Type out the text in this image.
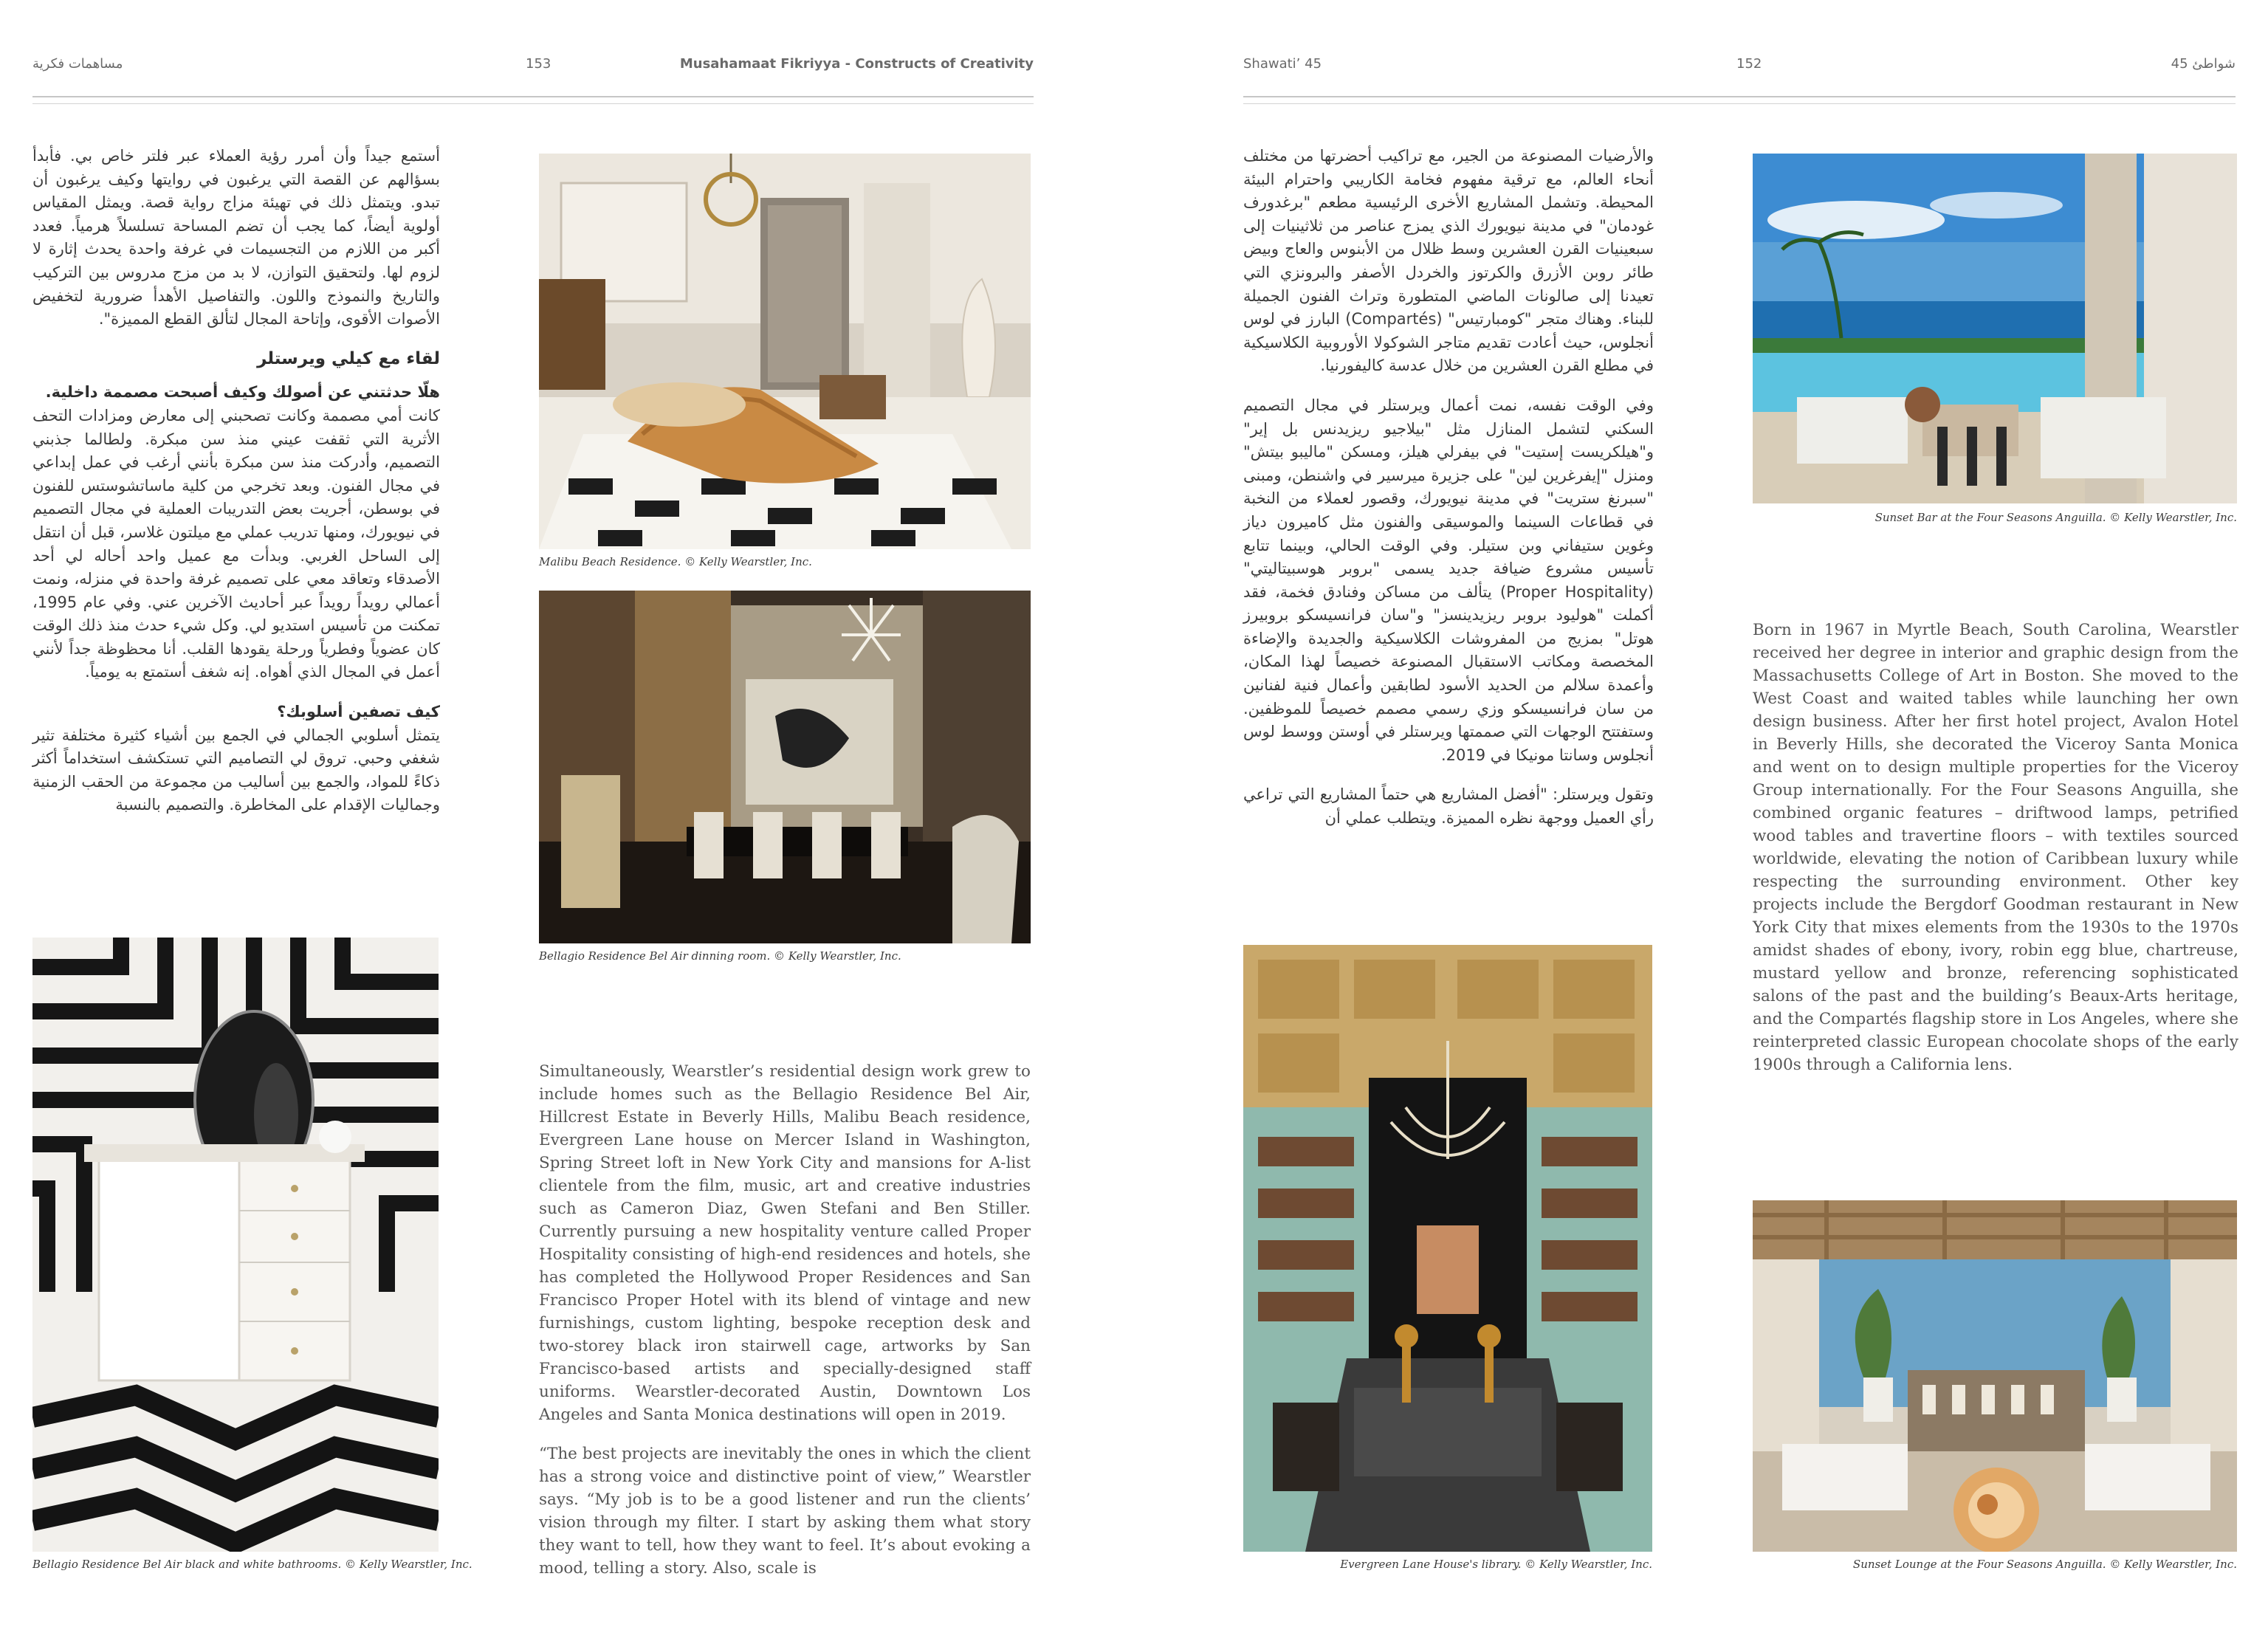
مساهمات فكرية	153	Musahamaat Fikriyya - Constructs of Creativity

أستمع جيداً وأن أمرر رؤية العملاء عبر فلتر خاص بي. فأبدأ بسؤالهم عن القصة التي يرغبون في روايتها وكيف يرغبون أن تبدو. ويتمثل ذلك في تهيئة مزاج رواية قصة. ويمثل المقياس أولوية أيضاً، كما يجب أن تضم المساحة تسلسلاً هرمياً. فعدد أكبر من اللازم من التجسيمات في غرفة واحدة يحدث إثارة لا لزوم لها. ولتحقيق التوازن، لا بد من مزج مدروس بين التركيب والتاريخ والنموذج واللون. والتفاصيل الأهدأ ضرورية لتخفيض الأصوات الأقوى، وإتاحة المجال لتألق القطع المميزة".

لقاء مع كيلي ويرستلر

هلّا حدثتني عن أصولك وكيف أصبحت مصممة داخلية.
كانت أمي مصممة وكانت تصحبني إلى معارض ومزادات التحف الأثرية التي ثقفت عيني منذ سن مبكرة. ولطالما جذبني التصميم، وأدركت منذ سن مبكرة بأنني أرغب في عمل إبداعي في مجال الفنون. وبعد تخرجي من كلية ماساتشوستس للفنون في بوسطن، أجريت بعض التدريبات العملية في مجال التصميم في نيويورك، ومنها تدريب عملي مع ميلتون غلاسر، قبل أن انتقل إلى الساحل الغربي. وبدأت مع عميل واحد أحاله لي أحد الأصدقاء وتعاقد معي على تصميم غرفة واحدة في منزله، ونمت أعمالي رويداً رويداً عبر أحاديث الآخرين عني. وفي عام 1995، تمكنت من تأسيس استديو لي. وكل شيء حدث منذ ذلك الوقت كان عضوياً وفطرياً ورحلة يقودها القلب. أنا محظوظة جداً لأنني أعمل في المجال الذي أهواه. إنه شغف أستمتع به يومياً.

كيف تصفين أسلوبك؟
يتمثل أسلوبي الجمالي في الجمع بين أشياء كثيرة مختلفة تثير شغفي وحبي. تروق لي التصاميم التي تستكشف استخداماً أكثر ذكاءً للمواد، والجمع بين أساليب من مجموعة من الحقب الزمنية وجماليات الإقدام على المخاطرة. والتصميم بالنسبة

Malibu Beach Residence. © Kelly Wearstler, Inc.
Bellagio Residence Bel Air dinning room. © Kelly Wearstler, Inc.
Bellagio Residence Bel Air black and white bathrooms. © Kelly Wearstler, Inc.

Simultaneously, Wearstler’s residential design work grew to include homes such as the Bellagio Residence Bel Air, Hillcrest Estate in Beverly Hills, Malibu Beach residence, Evergreen Lane house on Mercer Island in Washington, Spring Street loft in New York City and mansions for A-list clientele from the film, music, art and creative industries such as Cameron Diaz, Gwen Stefani and Ben Stiller. Currently pursuing a new hospitality venture called Proper Hospitality consisting of high-end residences and hotels, she has completed the Hollywood Proper Residences and San Francisco Proper Hotel with its blend of vintage and new furnishings, custom lighting, bespoke reception desk and two-storey black iron stairwell cage, artworks by San Francisco-based artists and specially-designed staff uniforms. Wearstler-decorated Austin, Downtown Los Angeles and Santa Monica destinations will open in 2019.

“The best projects are inevitably the ones in which the client has a strong voice and distinctive point of view,” Wearstler says. “My job is to be a good listener and run the clients’ vision through my filter. I start by asking them what story they want to tell, how they want to feel. It’s about evoking a mood, telling a story. Also, scale is

Shawati’ 45	152	شواطئ 45

والأرضيات المصنوعة من الجير، مع تراكيب أحضرتها من مختلف أنحاء العالم، مع ترقية مفهوم فخامة الكاريبي واحترام البيئة المحيطة. وتشمل المشاريع الأخرى الرئيسية مطعم "برغدورف غودمان" في مدينة نيويورك الذي يمزج عناصر من ثلاثينيات إلى سبعينيات القرن العشرين وسط ظلال من الأبنوس والعاج وبيض طائر روبن الأزرق والكرتوز والخردل الأصفر والبرونزي التي تعيدنا إلى صالونات الماضي المتطورة وتراث الفنون الجميلة للبناء. وهناك متجر "كومبارتيس" (Compartés) البارز في لوس أنجلوس، حيث أعادت تقديم متاجر الشوكولا الأوروبية الكلاسيكية في مطلع القرن العشرين من خلال عدسة كاليفورنيا.

وفي الوقت نفسه، نمت أعمال ويرستلر في مجال التصميم السكني لتشمل المنازل مثل "بيلاجيو ريزيدنس بل إير" و"هيلكريست إستيت" في بيفرلي هيلز، ومسكن "ماليبو بيتش" ومنزل "إيفرغرين لين" على جزيرة ميرسير في واشنطن، ومبنى "سبرنغ ستريت" في مدينة نيويورك، وقصور لعملاء من النخبة في قطاعات السينما والموسيقى والفنون مثل كاميرون دياز وغوين ستيفاني وبن ستيلر. وفي الوقت الحالي، وبينما تتابع تأسيس مشروع ضيافة جديد يسمى "بروبر هوسبيتاليتي" (Proper Hospitality) يتألف من مساكن وفنادق فخمة، فقد أكملت "هوليود بروبر ريزيدينسز" و"سان فرانسيسكو بروبيرز هوتل" بمزيج من المفروشات الكلاسيكية والجديدة والإضاءة المخصصة ومكاتب الاستقبال المصنوعة خصيصاً لهذا المكان، وأعمدة سلالم من الحديد الأسود لطابقين وأعمال فنية لفنانين من سان فرانسيسكو وزي رسمي مصمم خصيصاً للموظفين. وستفتتح الوجهات التي صممتها ويرستلر في أوستن ووسط لوس أنجلوس وسانتا مونيكا في 2019.

وتقول ويرستلر: "أفضل المشاريع هي حتماً المشاريع التي تراعي رأي العميل ووجهة نظره المميزة. ويتطلب عملي أن

Sunset Bar at the Four Seasons Anguilla. © Kelly Wearstler, Inc.

Born in 1967 in Myrtle Beach, South Carolina, Wearstler received her degree in interior and graphic design from the Massachusetts College of Art in Boston. She moved to the West Coast and waited tables while launching her own design business. After her first hotel project, Avalon Hotel in Beverly Hills, she decorated the Viceroy Santa Monica and went on to design multiple properties for the Viceroy Group internationally. For the Four Seasons Anguilla, she combined organic features – driftwood lamps, petrified wood tables and travertine floors – with textiles sourced worldwide, elevating the notion of Caribbean luxury while respecting the surrounding environment. Other key projects include the Bergdorf Goodman restaurant in New York City that mixes elements from the 1930s to the 1970s amidst shades of ebony, ivory, robin egg blue, chartreuse, mustard yellow and bronze, referencing sophisticated salons of the past and the building’s Beaux-Arts heritage, and the Compartés flagship store in Los Angeles, where she reinterpreted classic European chocolate shops of the early 1900s through a California lens.

Evergreen Lane House's library. © Kelly Wearstler, Inc.	Sunset Lounge at the Four Seasons Anguilla. © Kelly Wearstler, Inc.
